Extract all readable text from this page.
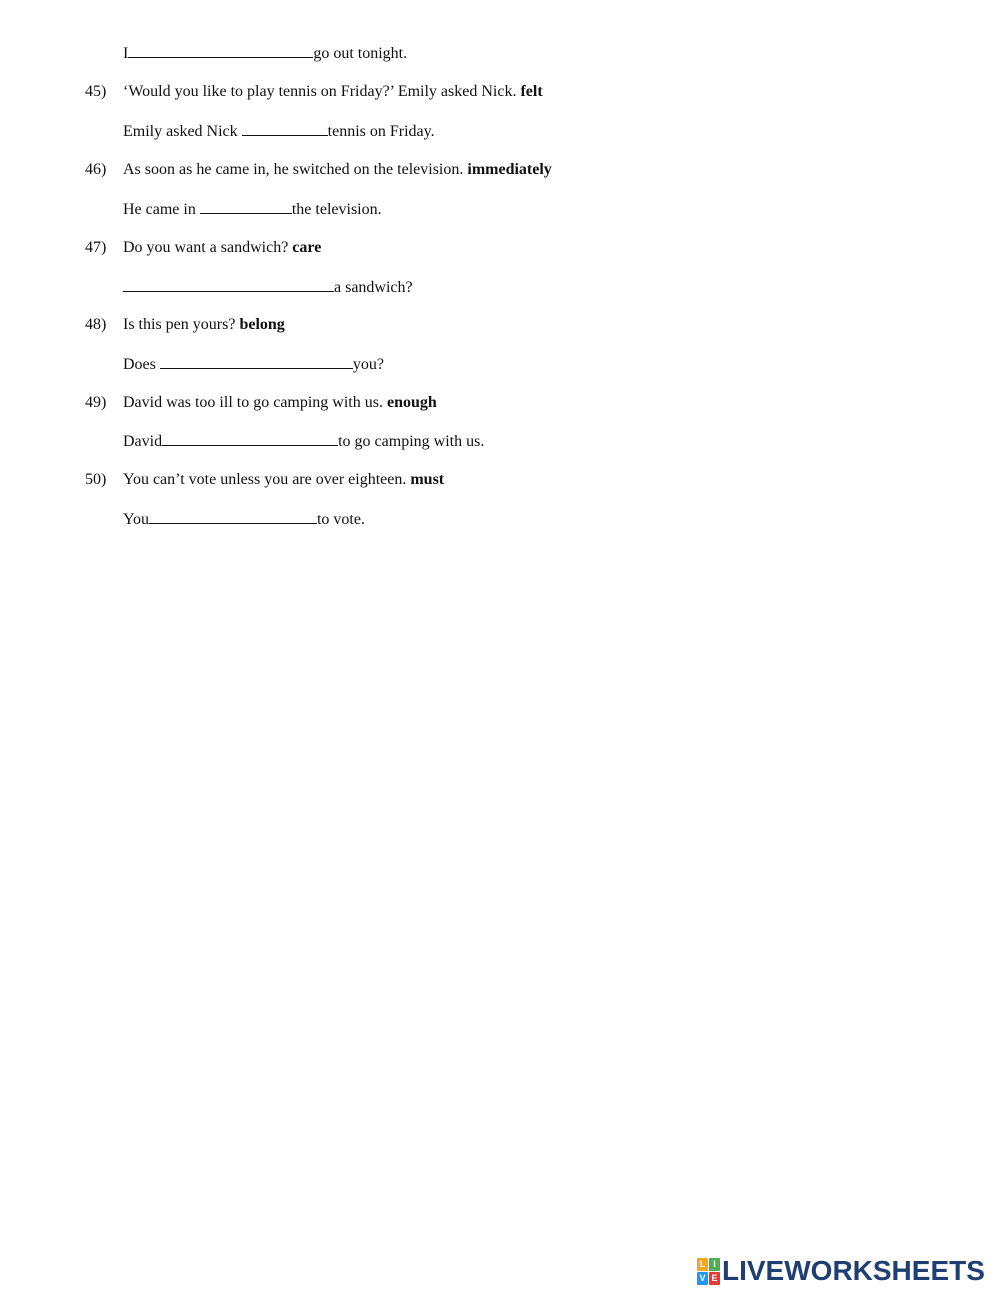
I	go out tonight.
45) ‘Would you like to play tennis on Friday?’ Emily asked Nick. felt
Emily asked Nick	tennis on Friday.
46) As soon as he came in, he switched on the television. immediately
He came in	the television.
47) Do you want a sandwich? care
a sandwich?
48) Is this pen yours? belong
Does	you?
49) David was too ill to go camping with us. enough
David	to go camping with us.
50) You can’t vote unless you are over eighteen. must
You	to vote.
L I
V E LIVEWORKSHEETS
